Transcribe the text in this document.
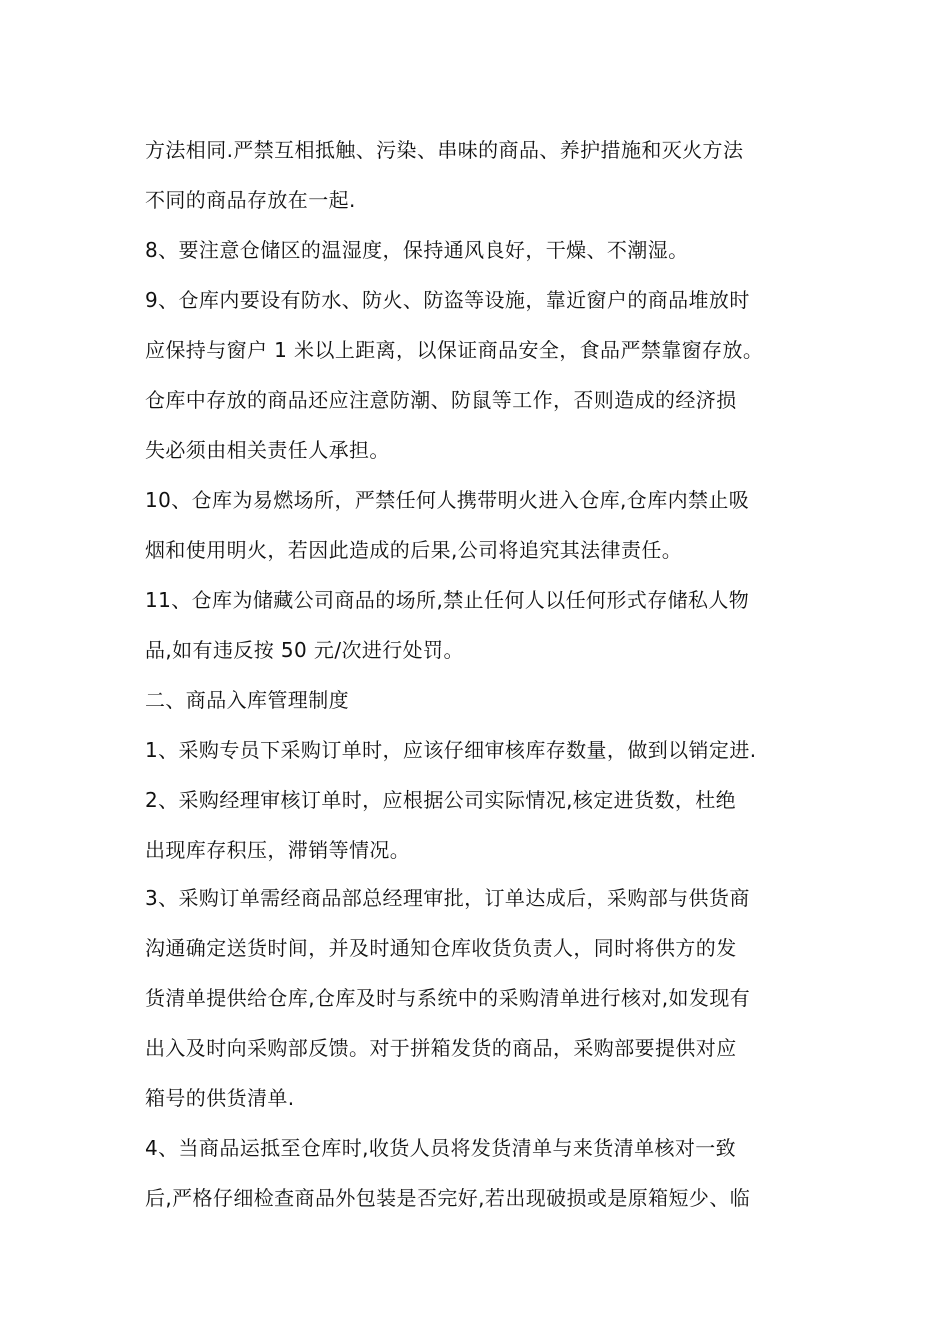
方法相同.严禁互相抵触、污染、串味的商品、养护措施和灭火方法
不同的商品存放在一起.
8、要注意仓储区的温湿度，保持通风良好，干燥、不潮湿。
9、仓库内要设有防水、防火、防盗等设施，靠近窗户的商品堆放时
应保持与窗户 1 米以上距离，以保证商品安全，食品严禁靠窗存放。
仓库中存放的商品还应注意防潮、防鼠等工作，否则造成的经济损
失必须由相关责任人承担。
10、仓库为易燃场所，严禁任何人携带明火进入仓库,仓库内禁止吸
烟和使用明火，若因此造成的后果,公司将追究其法律责任。
11、仓库为储藏公司商品的场所,禁止任何人以任何形式存储私人物
品,如有违反按 50 元/次进行处罚。
二、商品入库管理制度
1、采购专员下采购订单时，应该仔细审核库存数量，做到以销定进.
2、采购经理审核订单时，应根据公司实际情况,核定进货数，杜绝
出现库存积压，滞销等情况。
3、采购订单需经商品部总经理审批，订单达成后，采购部与供货商
沟通确定送货时间，并及时通知仓库收货负责人，同时将供方的发
货清单提供给仓库,仓库及时与系统中的采购清单进行核对,如发现有
出入及时向采购部反馈。对于拼箱发货的商品，采购部要提供对应
箱号的供货清单.
4、当商品运抵至仓库时,收货人员将发货清单与来货清单核对一致
后,严格仔细检查商品外包装是否完好,若出现破损或是原箱短少、临
